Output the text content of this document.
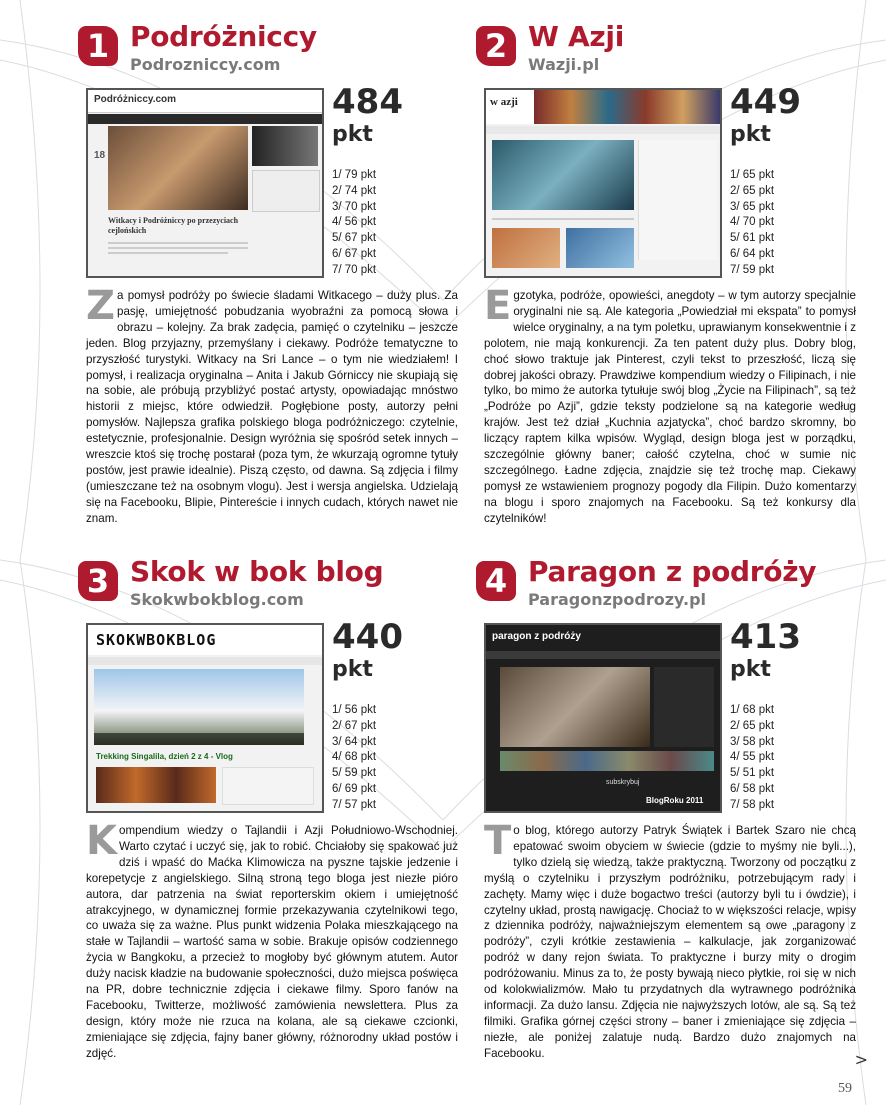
1 Podróżniccy
Podrozniccy.com
Podróżniccy.com
18
Witkacy i Podróżniccy po przezyciach cejlońskich
484
pkt
1/ 79 pkt
2/ 74 pkt
3/ 70 pkt
4/ 56 pkt
5/ 67 pkt
6/ 67 pkt
7/ 70 pkt
Za pomysł podróży po świecie śladami Witkacego – duży plus. Za pasję, umiejętność pobudzania wyobraźni za pomocą słowa i obrazu – kolejny. Za brak zadęcia, pamięć o czytelniku – jeszcze jeden. Blog przyjazny, przemyślany i ciekawy. Podróże tematyczne to przyszłość turystyki. Witkacy na Sri Lance – o tym nie wiedziałem! I pomysł, i realizacja oryginalna – Anita i Jakub Górniccy nie skupiają się na sobie, ale próbują przybliżyć postać artysty, opowiadając mnóstwo historii z miejsc, które odwiedził. Pogłębione posty, autorzy pełni pomysłów. Najlepsza grafika polskiego bloga podróżniczego: czytelnie, estetycznie, profesjonalnie. Design wyróżnia się spośród setek innych – wreszcie ktoś się trochę postarał (poza tym, że wkurzają ogromne tytuły postów, jest prawie idealnie). Piszą często, od dawna. Są zdjęcia i filmy (umieszczane też na osobnym vlogu). Jest i wersja angielska. Udzielają się na Facebooku, Blipie, Pintereście i innych cudach, których nawet nie znam.
2 W Azji
Wazji.pl
w azji	449
pkt
1/ 65 pkt
2/ 65 pkt
3/ 65 pkt
4/ 70 pkt
5/ 61 pkt
6/ 64 pkt
7/ 59 pkt
Egzotyka, podróże, opowieści, anegdoty – w tym autorzy specjalnie oryginalni nie są. Ale kategoria „Powiedział mi ekspata” to pomysł wielce oryginalny, a na tym poletku, uprawianym konsekwentnie i z polotem, nie mają konkurencji. Za ten patent duży plus. Dobry blog, choć słowo traktuje jak Pinterest, czyli tekst to przeszłość, liczą się dobrej jakości obrazy. Prawdziwe kompendium wiedzy o Filipinach, i nie tylko, bo mimo że autorka tytułuje swój blog „Życie na Filipinach”, są też „Podróże po Azji”, gdzie teksty podzielone są na kategorie według krajów. Jest też dział „Kuchnia azjatycka”, choć bardzo skromny, bo liczący raptem kilka wpisów. Wygląd, design bloga jest w porządku, szczególnie główny baner; całość czytelna, choć w sumie nic szczególnego. Ładne zdjęcia, znajdzie się też trochę map. Ciekawy pomysł ze wstawieniem prognozy pogody dla Filipin. Dużo komentarzy na blogu i sporo znajomych na Facebooku. Są też konkursy dla czytelników!
3 Skok w bok blog
Skokwbokblog.com
SKOKWBOKBLOG
Trekking Singalila, dzień 2 z 4 - Vlog
440
pkt
1/ 56 pkt
2/ 67 pkt
3/ 64 pkt
4/ 68 pkt
5/ 59 pkt
6/ 69 pkt
7/ 57 pkt
Kompendium wiedzy o Tajlandii i Azji Południowo-Wschodniej. Warto czytać i uczyć się, jak to robić. Chciałoby się spakować już dziś i wpaść do Maćka Klimowicza na pyszne tajskie jedzenie i korepetycje z angielskiego. Silną stroną tego bloga jest niezłe pióro autora, dar patrzenia na świat reporterskim okiem i umiejętność atrakcyjnego, w dynamicznej formie przekazywania czytelnikowi tego, co uważa się za ważne. Plus punkt widzenia Polaka mieszkającego na stałe w Tajlandii – wartość sama w sobie. Brakuje opisów codziennego życia w Bangkoku, a przecież to mogłoby być głównym atutem. Autor duży nacisk kładzie na budowanie społeczności, dużo miejsca poświęca na PR, dobre technicznie zdjęcia i ciekawe filmy. Sporo fanów na Facebooku, Twitterze, możliwość zamówienia newslettera. Plus za design, który może nie rzuca na kolana, ale są ciekawe czcionki, zmieniające się zdjęcia, fajny baner główny, różnorodny układ postów i zdjęć.
4 Paragon z podróży
Paragonzpodrozy.pl
paragon z podróży
subskrybuj
BlogRoku 2011
413
pkt
1/ 68 pkt
2/ 65 pkt
3/ 58 pkt
4/ 55 pkt
5/ 51 pkt
6/ 58 pkt
7/ 58 pkt
To blog, którego autorzy Patryk Świątek i Bartek Szaro nie chcą epatować swoim obyciem w świecie (gdzie to myśmy nie byli...), tylko dzielą się wiedzą, także praktyczną. Tworzony od początku z myślą o czytelniku i przyszłym podróżniku, potrzebującym rady i zachęty. Mamy więc i duże bogactwo treści (autorzy byli tu i ówdzie), i czytelny układ, prostą nawigację. Chociaż to w większości relacje, wpisy z dziennika podróży, najważniejszym elementem są owe „paragony z podróży”, czyli krótkie zestawienia – kalkulacje, jak zorganizować podróż w dany rejon świata. To praktyczne i burzy mity o drogim podróżowaniu. Minus za to, że posty bywają nieco płytkie, roi się w nich od kolokwializmów. Mało tu przydatnych dla wytrawnego podróżnika informacji. Za dużo lansu. Zdjęcia nie najwyższych lotów, ale są. Są też filmiki. Grafika górnej części strony – baner i zmieniające się zdjęcia – niezłe, ale poniżej zalatuje nudą. Bardzo dużo znajomych na Facebooku.	>
59
